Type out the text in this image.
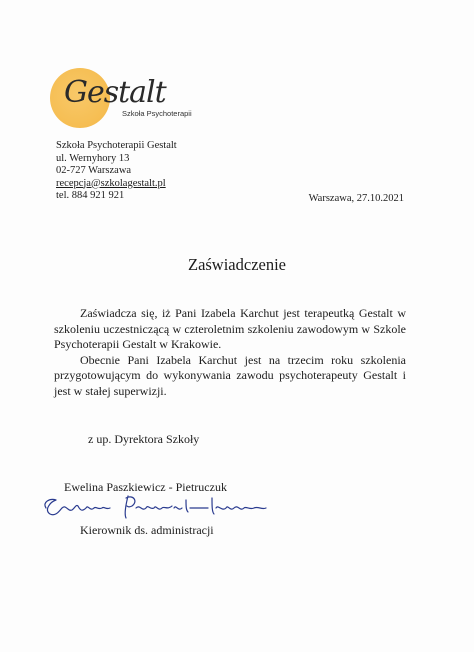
Gestalt
Szkoła Psychoterapii
Szkoła Psychoterapii Gestalt
ul. Wernyhory 13
02-727 Warszawa
recepcja@szkolagestalt.pl
tel. 884 921 921	Warszawa, 27.10.2021
Zaświadczenie

Zaświadcza się, iż Pani Izabela Karchut jest terapeutką Gestalt w szkoleniu uczestniczącą w czteroletnim szkoleniu zawodowym w Szkole Psychoterapii Gestalt w Krakowie.

Obecnie Pani Izabela Karchut jest na trzecim roku szkolenia przygotowującym do wykonywania zawodu psychoterapeuty Gestalt i jest w stałej superwizji.

z up. Dyrektora Szkoły
Ewelina Paszkiewicz - Pietruczuk
Kierownik ds. administracji
